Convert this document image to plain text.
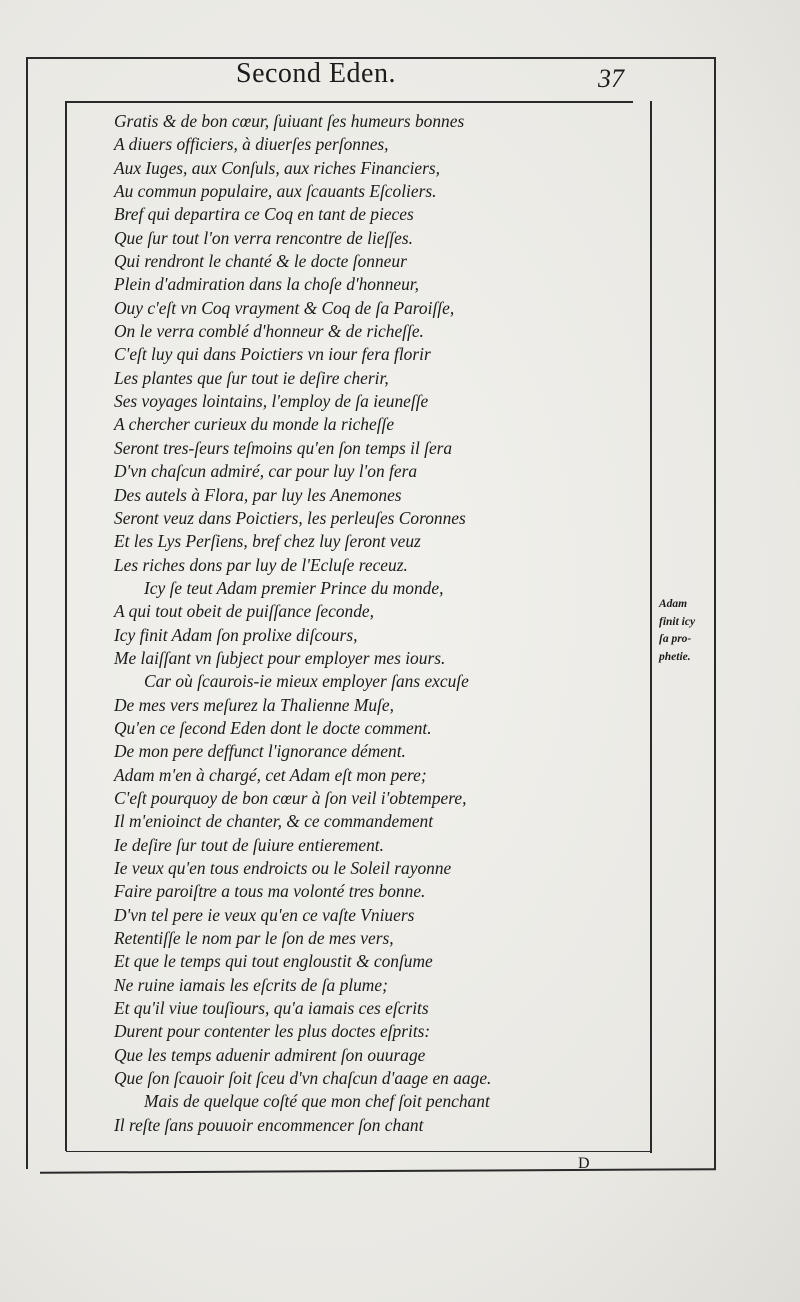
Second Eden.	37
Gratis & de bon cœur, ſuiuant ſes humeurs bonnes
A diuers officiers, à diuerſes perſonnes,
Aux Iuges, aux Conſuls, aux riches Financiers,
Au commun populaire, aux ſcauants Eſcoliers.
Bref qui departira ce Coq en tant de pieces
Que ſur tout l'on verra rencontre de lieſſes.
Qui rendront le chanté & le docte ſonneur
Plein d'admiration dans la choſe d'honneur,
Ouy c'eſt vn Coq vrayment & Coq de ſa Paroiſſe,
On le verra comblé d'honneur & de richeſſe.
C'eſt luy qui dans Poictiers vn iour fera florir
Les plantes que ſur tout ie deſire cherir,
Ses voyages lointains, l'employ de ſa ieuneſſe
A chercher curieux du monde la richeſſe
Seront tres-ſeurs teſmoins qu'en ſon temps il ſera
D'vn chaſcun admiré, car pour luy l'on fera
Des autels à Flora, par luy les Anemones
Seront veuz dans Poictiers, les perleuſes Coronnes
Et les Lys Perſiens, bref chez luy ſeront veuz
Les riches dons par luy de l'Ecluſe receuz.
Icy ſe teut Adam premier Prince du monde,
A qui tout obeit de puiſſance ſeconde,
Icy finit Adam ſon prolixe diſcours,
Me laiſſant vn ſubject pour employer mes iours.
Car où ſcaurois-ie mieux employer ſans excuſe
De mes vers meſurez la Thalienne Muſe,
Qu'en ce ſecond Eden dont le docte comment.
De mon pere deffunct l'ignorance dément.
Adam m'en à chargé, cet Adam eſt mon pere;
C'eſt pourquoy de bon cœur à ſon veil i'obtempere,
Il m'enioinct de chanter, & ce commandement
Ie deſire ſur tout de ſuiure entierement.
Ie veux qu'en tous endroicts ou le Soleil rayonne
Faire paroiſtre a tous ma volonté tres bonne.
D'vn tel pere ie veux qu'en ce vaſte Vniuers
Retentiſſe le nom par le ſon de mes vers,
Et que le temps qui tout engloustit & conſume
Ne ruine iamais les eſcrits de ſa plume;
Et qu'il viue touſiours, qu'a iamais ces eſcrits
Durent pour contenter les plus doctes eſprits:
Que les temps aduenir admirent ſon ouurage
Que ſon ſcauoir ſoit ſceu d'vn chaſcun d'aage en aage.
Mais de quelque coſté que mon chef ſoit penchant
Il reſte ſans pouuoir encommencer ſon chant
Adam
finit icy
ſa pro-
phetie.
D
